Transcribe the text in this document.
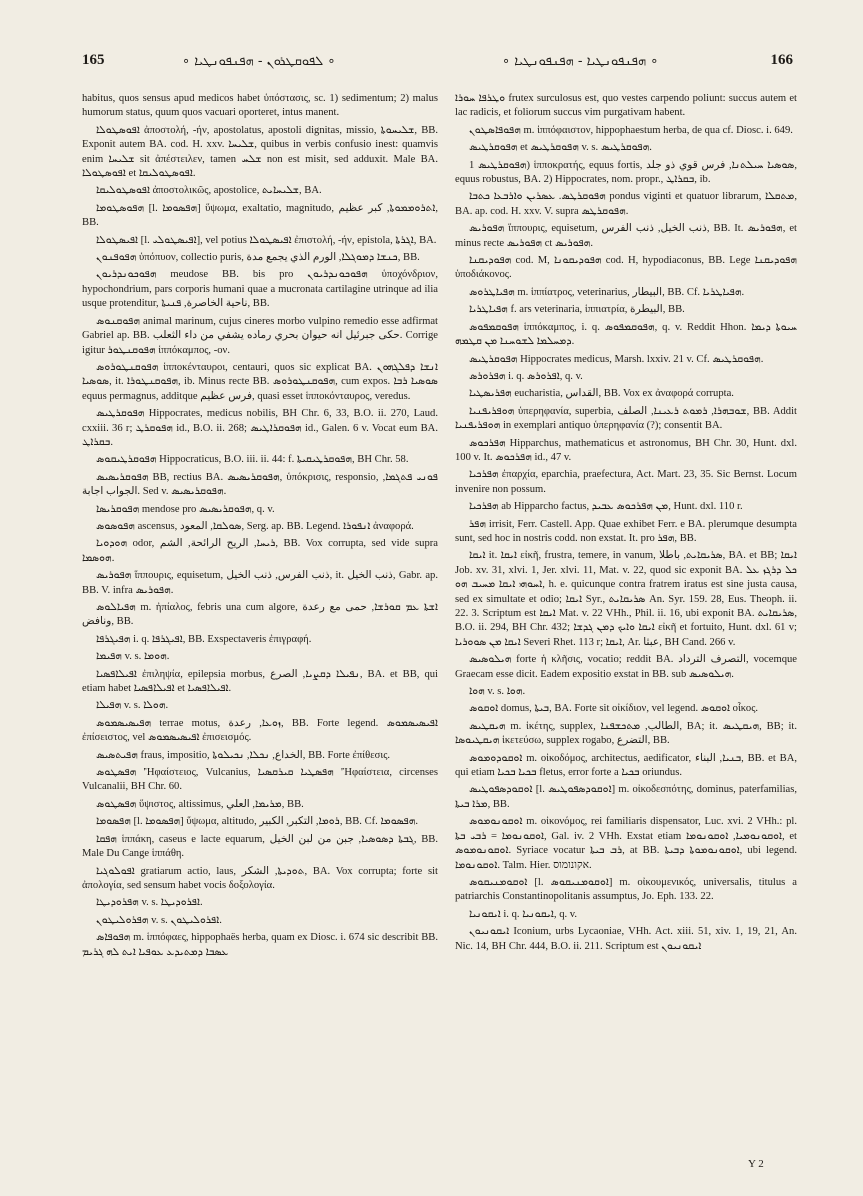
165	∘ ܠܦܘܩܛܪܘܢ - ܗܦܢܦܘܢܛܝܐ ∘	∘ ܗܦܢܦܘܢܛܝܐ - ܗܦܢܦܘܢܛܝܐ ∘	166

habitus, quos sensus apud medicos habet ὑπόστασις, sc. 1) sedimentum; 2) malus humorum status, quum quos vacuari oporteret, intus manent.

ܐܦܘܣܛܘܠܐ ἀποστολή, -ήν, apostolatus, apostoli dignitas, missio, ܫܠܝܚܘܬܐ, BB. Exponit autem BA. cod. H. xxv. ܫܠܝܚܐ, quibus in verbis confusio inest: quamvis enim ܫܠܝܚܐ sit ἀπέστειλεν, tamen ܫܠܚ non est misit, sed adduxit. Male BA. ܐܦܘܣܛܘܠܐ et ܐܦܘܣܛܘܠܝܩܐ.

ܐܦܘܣܛܘܠܝܩܐ ἀποστολικῶς, apostolice, ܫܠܝܚܐܝܬ, BA.

ܗܦܘܣܛܘܡܐ [l. ܗܦܣܘܡܐ] ὕψωμα, exaltatio, magnitudo, ܐܬܪܘܡܡܘܬܐ, كبر عظيم, BB.

ܐܦܝܣܛܘܠܐ [l. ܐܦܝܣܛܘܠܝ], vel potius ܐܦܝܣܛܘܠܐ ἐπιστολή, -ήν, epistola, ܐܓܪܬܐ, BA.

ܗܦܘܦܢܘܢ ὑπόπυον, collectio puris, ܟܢܫܐ ܕܡܘܓܠܐ, الورم الذي يجمع مدة, BB.

ܗܦܘܟܘܢܕܪܝܘܢ meudose BB. bis pro ܗܦܘܟܘܢܕܪܝܘܢ ὑποχόνδριον, hypochondrium, pars corporis humani quae a mucronata cartilagine utrinque ad ilia usque protenditur, ناحية الخاصرة, ܦܢܝܬܐ, BB.

ܗܦܘܩܢܘܣ animal marinum, cujus cineres morbo vulpino remedio esse adfirmat Gabriel ap. BB. حكى جبرئيل انه حيوان بحري رماده يشفي من داء الثعلب. Corrige igitur ܗܦܘܩܢܛܘܪ ἱππόκαμπος, -ον.

ܗܦܘܩܢܛܘܪܘܣ ἱπποκένταυροι, centauri, quos sic explicat BA. ܐܢܫܐ ܕܦܠܓܗܘܢ ܣܘܣܝܐ, it. ܗܦܘܩܢܛܘܪܐ, ib. Minus recte BB. ܗܦܘܩܢܛܘܪܘܣ, cum expos. ܣܘܣܝܐ ܪܒܐ equus permagnus, additque فرس عظيم, quasi esset ἱπποκόνταυρος, veredus.

ܗܦܘܩܪܛܝܣ Hippocrates, medicus nobilis, BH Chr. 6, 33, B.O. ii. 270, Laud. cxxiii. 36 r; ܗܦܘܩܪܛ id., B.O. ii. 268; ܗܦܘܩܪܐܛܝܣ id., Galen. 6 v. Vocat eum BA. ܒܩܪܐܛ.

ܗܦܘܩܪܛܝܩܘܣ Hippocraticus, B.O. iii. ii. 44: f. ܗܦܘܩܪܛܝܩܝܬܐ, BH Chr. 58.

ܗܦܘܩܪܝܣܝܣ BB, rectius BA. ܗܦܘܩܪܝܣܝܣ, ὑπόκρισις, responsio, ܦܘܢܝ ܦܬܓܡܐ, الجواب اجابة. Sed v. ܗܦܘܩܪܝܣܝܣ.

ܗܦܘܩܪܝܣܐ mendose pro ܗܦܘܩܪܝܣܝܣ, q. v.

ܗܦܘܣܘܣ ascensus, ܣܘܠܩܐ, المعود, Serg. ap. BB. Legend. ܐܢܦܘܪܐ ἀναφορά.

ܗܘܕܘܝܐ odor, ܪܝܚܐ, الريح الرائحة, الشم, BB. Vox corrupta, sed vide supra ܗܘܣܡܐ.

ܗܦܘܪܝܣ ἵππουρις, equisetum, ذنب الفرس, ذنب الخيل, it. ذنب الخيل, Gabr. ap. BB. V. infra ܗܦܘܪܝܣ.

ܗܦܝܐܠܘܣ m. ἠπίαλος, febris una cum algore, ܐܫܬܐ ܥܡ ܩܘܪܫܐ, حمى مع رعدة ونافض, BB.

ܗܦܝܓܪܦܐ i. q. ܐܦܝܓܪܦܐ, BB. Exspectaveris ἐπιγραφή.

ܗܦܝܡܐ v. s. ܗܘܡܐ.

ܐܦܝܠܐܦܣܝܐ ἐπιληψία, epilepsia morbus, ܢܦܝܠܐ ܕܩܨܝܐ, الصرع, BA. et BB, qui etiam habet ܐܦܝܠܐܦܣܝܐ et ܐܦܝܠܐܦܣܝܐ.

ܗܦܝܠܐ v. s. ܗܘܠܐ.

ܗܦܝܣܝܣܡܘܣ terrae motus, ܙܘܥܐ, رعدة, BB. Forte legend. ܐܦܝܣܝܣܡܘܣ ἐπίσειστος, vel ܐܦܝܣܝܣܡܘܣ ἐπισεισμός.

ܗܦܝܬܣܝܣ fraus, impositio, الخداع, ܢܟܠܐ, ܢܟܝܠܘܬܐ, BB. Forte ἐπίθεσις.

ܗܦܣܛܘܣ 'Ἡφαίστειος, Vulcanius, ܗܦܣܛܝܐ ܩܝܪܩܣܝܐ 'Ἡφαίστεια, circenses Vulcanalii, BH Chr. 60.

ܗܦܣܛܘܣ ὕψιστος, altissimus, ܡܪܝܡܐ, العلي, BB.

ܗܦܣܘܡܐ [l. ܗܦܣܘܡܐ] ὕψωμα, altitudo, ܪܘܡܐ, التكبر, الكبير, BB. Cf. ܗܦܣܘܡܐ.

ܗܦܩܐ ἱππάκη, caseus e lacte equarum, ܓܒܬܐ ܕܣܘܣܝܐ, جبن من لبن الخيل, BB. Male Du Cange ἱππάθη.

ܐܦܘܠܘܓܝܐ gratiarum actio, laus, ܬܘܕܝܬܐ, الشكر, BA. Vox corrupta; forte sit ἀπολογία, sed sensum habet vocis δοξολογία.

ܗܦܪܘܕܝܛܐ v. s. ܐܦܪܘܕܝܛܐ.

ܗܦܪܘܠܝܛܘܢ v. s. ܐܦܪܘܠܝܛܘܢ.

ܗܦܘܦܐܣ m. ἱππόφαες, hippophaës herba, quam ex Diosc. i. 674 sic describit BB. ܥܣܒܐ ܕܡܬܝܕܥ ܥܘܦܝܐ ܐܝܬ ܠܗ ܓܪܝܡ

ܘܛܪܦܐ ܚܘܪܐ frutex surculosus est, quo vestes carpendo poliunt: succus autem et lac radicis, et foliorum succus vim purgativam habent.

ܗܦܘܦܐܣܛܘܢ m. ἱππόφαιστον, hippophaestum herba, de qua cf. Diosc. i. 649.

ܗܦܘܩܪܛܝܣ et ܗܦܘܩܪܛܝܣ v. s. ܗܦܘܩܪܛܝܣ.

ܗܦܘܩܪܛܝܣ 1) ἱπποκρατής, equus fortis, ܣܘܣܝܐ ܚܝܠܬܢܐ, فرس قوي ذو جلد, equus robustus, BA. 2) Hippocrates, nom. propr., ܒܩܪܐܛ, ib.

ܗܦܘܩܪܛܣ. ܥܣܪܝܢ ܘܐܪܒܥܐ ܟܬܒܐ pondus viginti et quatuor librarum, ܡܬܩܠܐ, BA. ap. cod. H. xxv. V. supra ܗܦܘܩܪܛܣ.

ܗܦܘܪܝܣ ἵππουρις, equisetum, ذنب الخيل, ذنب الفرس, BB. It. ܗܦܘܪܝܣ, et minus recte ܗܦܘܪܝܣ ct ܗܦܘܪܝܣ.

ܗܦܘܕܝܩܢܐ cod. M, ܗܦܘܕܝܩܘܢܐ cod. H, hypodiaconus, BB. Lege ܗܦܘܕܝܩܢܐ ὑποδιάκονος.

ܗܦܝܐܛܪܘܣ m. ἱππίατρος, veterinarius, البيطار, BB. Cf. ܗܦܝܐܛܪܝܐ.

ܗܦܝܐܛܪܝܐ f. ars veterinaria, ἱππιατρία, البيطرة, BB.

ܗܦܘܩܡܦܘܣ ἱππόκαμπος, i. q. ܗܦܘܩܡܦܘܣ, q. v. Reddit Hhon. ܚܝܘܬܐ ܕܝܡܐ ܕܡܚܠܡܐ ܠܫܘܚܢܐ ܡܢ ܩܛܡܗ.

ܗܦܘܩܪܛܝܣ Hippocrates medicus, Marsh. lxxiv. 21 v. Cf. ܗܦܘܩܪܛܝܣ.

ܗܦܪܘܪܣ i. q. ܐܦܪܘܪܣ, q. v.

ܗܦܪܝܣܛܝܐ eucharistia, القداس, BB. Vox ex ἀναφορά corrupta.

ܗܘܦܪܝܦܢܝܐ ὑπερηφανία, superbia, ܫܘܒܗܪܐ, ܪܡܘܬ ܪܥܝܢܐ, الصلف, BB. Addit ܗܘܦܪܝܦܢܝܐ in exemplari antiquo ὑπερηφανία (?); consentit BA.

ܗܦܪܟܘܣ Hipparchus, mathematicus et astronomus, BH Chr. 30, Hunt. dxl. 100 v. It. ܗܦܪܟܘܣ id., 47 v.

ܗܦܪܟܝܐ ἐπαρχία, eparchia, praefectura, Act. Mart. 23, 35. Sic Bernst. Locum invenire non possum.

ܗܦܪܟܝܐ ab Hipparcho factus, ܡܢ ܗܦܪܟܘܣ ܥܒܝܕ, Hunt. dxl. 110 r.

ܗܦܪ irrisit, Ferr. Castell. App. Quae exhibet Ferr. e BA. plerumque desumpta sunt, sed hoc in nostris codd. non exstat. It. pro ܗܦܪ, BB.

ܐܝܩܐ it. ܐܝܩܐ εἰκῆ, frustra, temere, in vanum, ܣܪܝܩܐܝܬ, باطلا, BA. et BB; ܐܝܩܐ Job. xv. 31, xlvi. 1, Jer. xlvi. 11, Mat. v. 22, quod sic exponit BA. ܟܠ ܕܪܓܙ ܥܠ ܐܚܘܗܝ ܐܝܩܐ ܡܚܝܒ ܗܘ, h. e. quicunque contra fratrem iratus est sine justa causa, sed ex simultate et odio; ܐܝܩܐ Syr., ܣܪܝܩܐܝܬ An. Syr. 159. 28, Eus. Theoph. ii. 22. 3. Scriptum est ܐܝܩܐ Mat. v. 22 VHh., Phil. ii. 16, ubi exponit BA. ܣܪܝܩܐܝܬ, B.O. ii. 294, BH Chr. 432; ܐܝܩܐ ܘܐܝܟ ܕܡܢ ܓܕܫܐ εἰκῆ et fortuito, Hunt. dxl. 61 v; ܐܝܩܐ ܡܢ ܣܘܘܪܝܐ Severi Rhet. 113 r; ܐܝܩܐ, Ar. عبثا, BH Cand. 266 v.

ܗܝܠܘܣܝܣ forte ἡ κλῆσις, vocatio; reddit BA. التصرف الترداد, vocemque Graecam esse dicit. Eadem expositio exstat in BB. sub ܗܝܠܘܣܝܣ.

ܗܘܐ v. s. ܗܘܐ.

ܐܘܩܘܣ domus, ܒܝܬܐ, BA. Forte sit οἰκίδιον, vel legend. ܐܘܩܘܣ οἶκος.

ܗܝܩܛܝܣ m. ἱκέτης, supplex, الطالب, ܡܬܟܫܦܢܐ, BA; it. ܗܝܩܛܝܣ, BB; it. ܗܝܩܛܝܘܣܐ ἱκετεύσω, supplex rogabo, التضرع, BB.

ܐܘܩܘܕܘܡܘܣ m. οἰκοδόμος, architectus, aedificator, ܒܢܝܐ, البناء, BB. et BA, qui etiam ܒܟܝܐ ܒܟܝܐ fletus, error forte a ܒܟܝܐ oriundus.

ܐܘܩܘܕܣܦܘܛܝܣ [l. ܐܘܩܘܕܣܦܘܛܝܣ] m. οἰκοδεσπότης, dominus, paterfamilias, ܡܪܐ ܒܝܬܐ, BB.

ܐܘܩܘܢܘܡܘܣ m. οἰκονόμος, rei familiaris dispensator, Luc. xvi. 2 VHh.: pl. ܐܘܩܘܢܘܡܐ = ܪܒܝ ܒܬܐ, Gal. iv. 2 VHh. Exstat etiam ܐܘܩܘܢܘܡܝܐ, ܐܘܩܘܢܘܡܐ, et ܐܘܩܘܢܘܡܘܣ. Syriace vocatur ܪܒ ܒܝܬܐ, at BB. ܐܘܩܘܢܘܡܘܬܐ ܕܒܝܬܐ, ubi legend. ܐܘܩܘܢܘܡܐ. Talm. Hier. אקונומוס.

ܐܘܩܘܡܢܝܩܘܣ [l. ܐܘܩܘܡܢܝܩܘܣ] m. οἰκουμενικός, universalis, titulus a patriarchis Constantinopolitanis assumptus, Jo. Eph. 133. 22.

ܐܝܩܘܢܝܐ i. q. ܐܝܩܘܢܝܐ, q. v.

ܐܝܩܘܢܝܘܢ Iconium, urbs Lycaoniae, VHh. Act. xiii. 51, xiv. 1, 19, 21, An. Nic. 14, BH Chr. 444, B.O. ii. 211. Scriptum est ܐܝܩܘܢܝܘܢ

Y 2
